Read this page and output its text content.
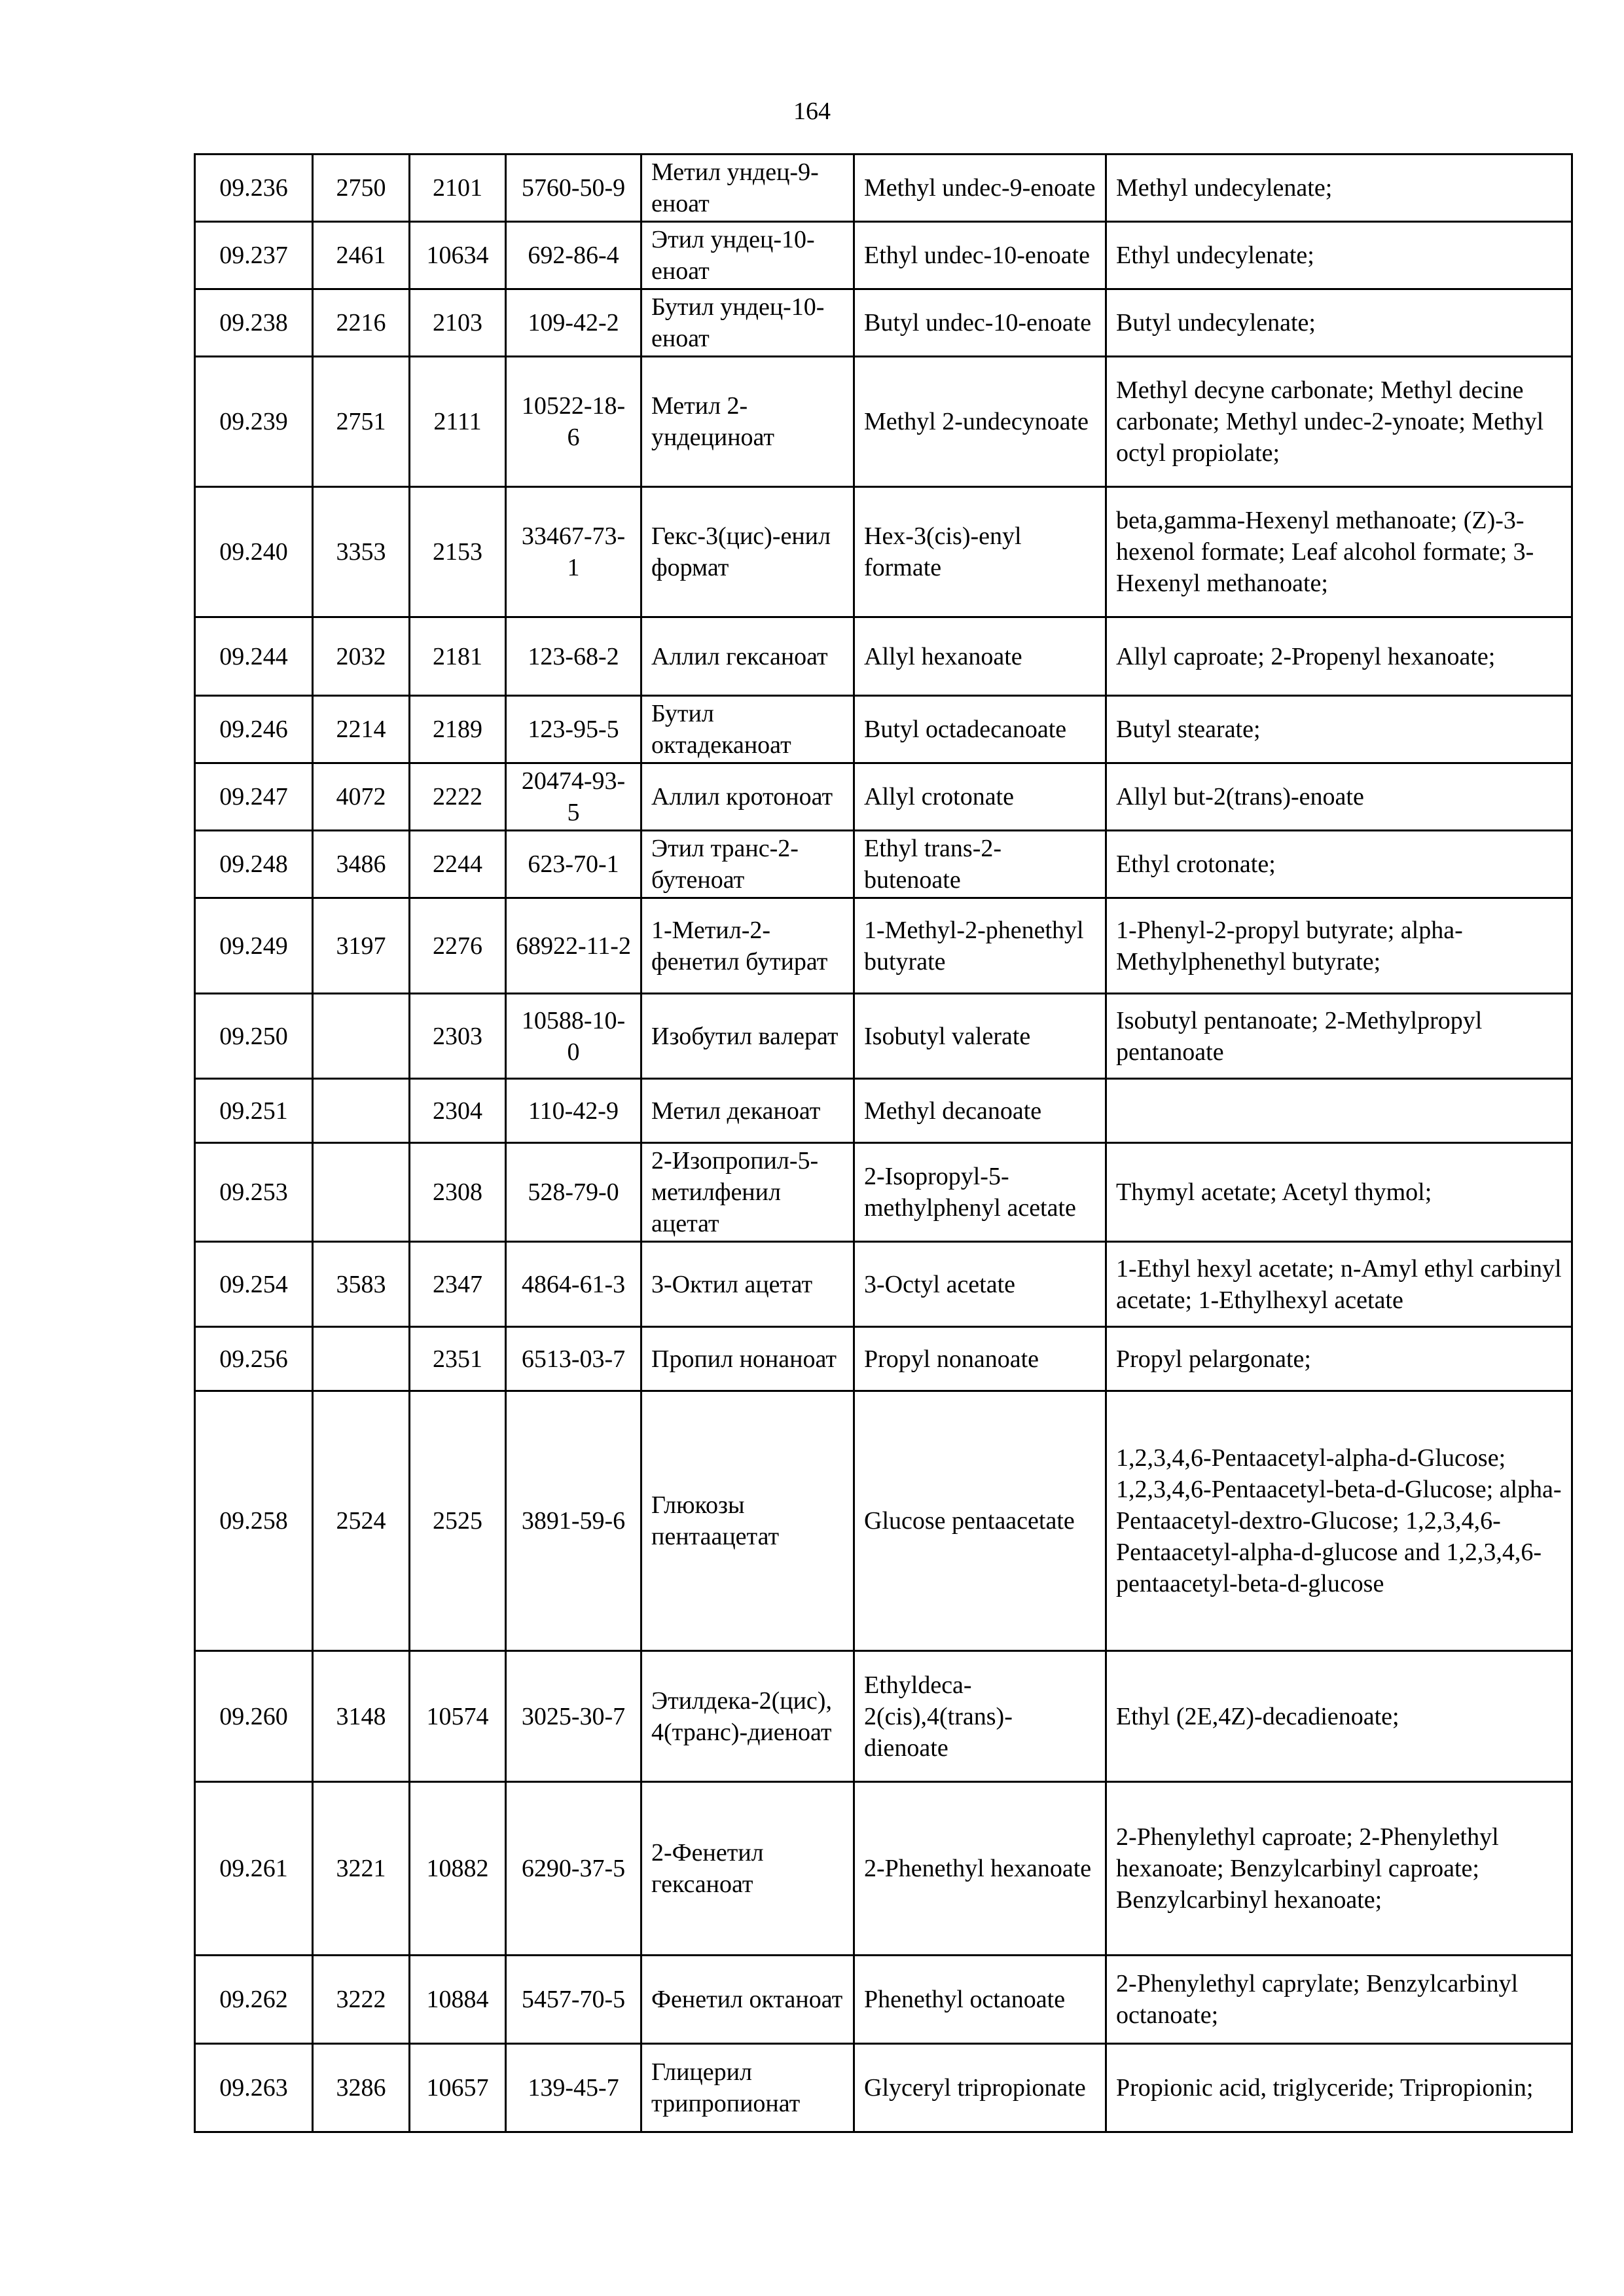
164
09.236	2750	2101	5760-50-9	Метил ундец-9-еноат	Methyl undec-9-enoate	Methyl undecylenate;
09.237	2461	10634	692-86-4	Этил ундец-10-еноат	Ethyl undec-10-enoate	Ethyl undecylenate;
09.238	2216	2103	109-42-2	Бутил ундец-10-еноат	Butyl undec-10-enoate	Butyl undecylenate;
09.239	2751	2111	10522-18-6	Метил 2-ундециноат	Methyl 2-undecynoate	Methyl decyne carbonate; Methyl decine carbonate; Methyl undec-2-ynoate; Methyl octyl propiolate;
09.240	3353	2153	33467-73-1	Гекс-3(цис)-енил формат	Hex-3(cis)-enyl formate	beta,gamma-Hexenyl methanoate; (Z)-3-hexenol formate; Leaf alcohol formate; 3-Hexenyl methanoate;
09.244	2032	2181	123-68-2	Аллил гексаноат	Allyl hexanoate	Allyl caproate; 2-Propenyl hexanoate;
09.246	2214	2189	123-95-5	Бутил октадеканоат	Butyl octadecanoate	Butyl stearate;
09.247	4072	2222	20474-93-5	Аллил кротоноат	Allyl crotonate	Allyl but-2(trans)-enoate
09.248	3486	2244	623-70-1	Этил транс-2-бутеноат	Ethyl trans-2-butenoate	Ethyl crotonate;
09.249	3197	2276	68922-11-2	1-Метил-2-фенетил бутират	1-Methyl-2-phenethyl butyrate	1-Phenyl-2-propyl butyrate; alpha-Methylphenethyl butyrate;
09.250		2303	10588-10-0	Изобутил валерат	Isobutyl valerate	Isobutyl pentanoate; 2-Methylpropyl pentanoate
09.251		2304	110-42-9	Метил деканоат	Methyl decanoate	
09.253		2308	528-79-0	2-Изопропил-5-метилфенил ацетат	2-Isopropyl-5-methylphenyl acetate	Thymyl acetate; Acetyl thymol;
09.254	3583	2347	4864-61-3	3-Октил ацетат	3-Octyl acetate	1-Ethyl hexyl acetate; n-Amyl ethyl carbinyl acetate; 1-Ethylhexyl acetate
09.256		2351	6513-03-7	Пропил нонаноат	Propyl nonanoate	Propyl pelargonate;
09.258	2524	2525	3891-59-6	Глюкозы пентаацетат	Glucose pentaacetate	1,2,3,4,6-Pentaacetyl-alpha-d-Glucose; 1,2,3,4,6-Pentaacetyl-beta-d-Glucose; alpha-Pentaacetyl-dextro-Glucose; 1,2,3,4,6-Pentaacetyl-alpha-d-glucose and 1,2,3,4,6-pentaacetyl-beta-d-glucose
09.260	3148	10574	3025-30-7	Этилдека-2(цис),4(транс)-диеноат	Ethyldeca-2(cis),4(trans)-dienoate	Ethyl (2E,4Z)-decadienoate;
09.261	3221	10882	6290-37-5	2-Фенетил гексаноат	2-Phenethyl hexanoate	2-Phenylethyl caproate; 2-Phenylethyl hexanoate; Benzylcarbinyl caproate; Benzylcarbinyl hexanoate;
09.262	3222	10884	5457-70-5	Фенетил октаноат	Phenethyl octanoate	2-Phenylethyl caprylate; Benzylcarbinyl octanoate;
09.263	3286	10657	139-45-7	Глицерил трипропионат	Glyceryl tripropionate	Propionic acid, triglyceride; Tripropionin;
